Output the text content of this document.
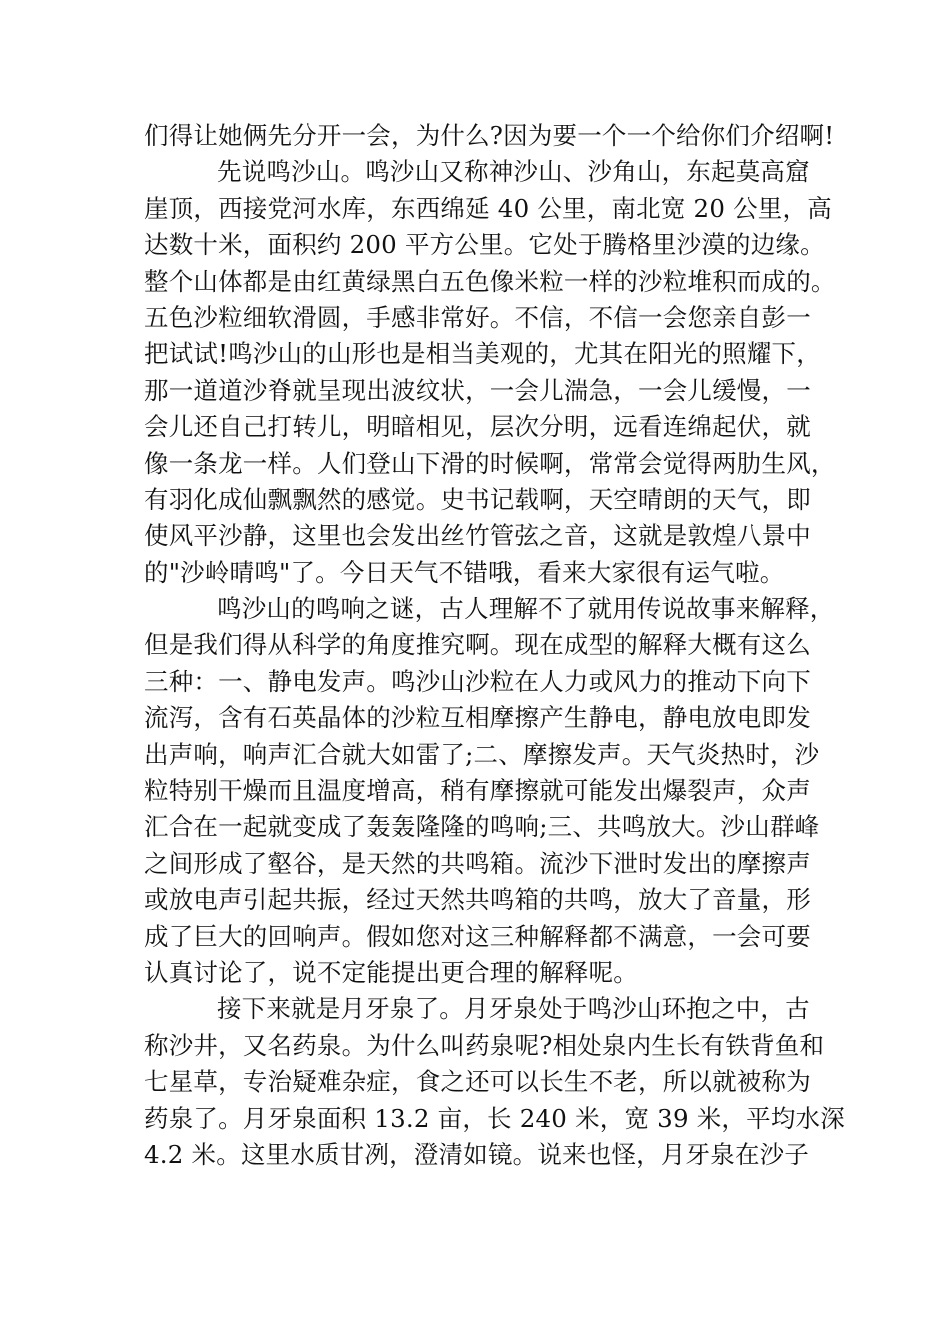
们得让她俩先分开一会，为什么?因为要一个一个给你们介绍啊!
先说鸣沙山。鸣沙山又称神沙山、沙角山，东起莫高窟
崖顶，西接党河水库，东西绵延 40 公里，南北宽 20 公里，高
达数十米，面积约 200 平方公里。它处于腾格里沙漠的边缘。
整个山体都是由红黄绿黑白五色像米粒一样的沙粒堆积而成的。
五色沙粒细软滑圆，手感非常好。不信，不信一会您亲自彭一
把试试!鸣沙山的山形也是相当美观的，尤其在阳光的照耀下，
那一道道沙脊就呈现出波纹状，一会儿湍急，一会儿缓慢，一
会儿还自己打转儿，明暗相见，层次分明，远看连绵起伏，就
像一条龙一样。人们登山下滑的时候啊，常常会觉得两肋生风，
有羽化成仙飘飘然的感觉。史书记载啊，天空晴朗的天气，即
使风平沙静，这里也会发出丝竹管弦之音，这就是敦煌八景中
的"沙岭晴鸣"了。今日天气不错哦，看来大家很有运气啦。
鸣沙山的鸣响之谜，古人理解不了就用传说故事来解释，
但是我们得从科学的角度推究啊。现在成型的解释大概有这么
三种：一、静电发声。鸣沙山沙粒在人力或风力的推动下向下
流泻，含有石英晶体的沙粒互相摩擦产生静电，静电放电即发
出声响，响声汇合就大如雷了;二、摩擦发声。天气炎热时，沙
粒特别干燥而且温度增高，稍有摩擦就可能发出爆裂声，众声
汇合在一起就变成了轰轰隆隆的鸣响;三、共鸣放大。沙山群峰
之间形成了壑谷，是天然的共鸣箱。流沙下泄时发出的摩擦声
或放电声引起共振，经过天然共鸣箱的共鸣，放大了音量，形
成了巨大的回响声。假如您对这三种解释都不满意，一会可要
认真讨论了，说不定能提出更合理的解释呢。
接下来就是月牙泉了。月牙泉处于鸣沙山环抱之中，古
称沙井，又名药泉。为什么叫药泉呢?相处泉内生长有铁背鱼和
七星草，专治疑难杂症，食之还可以长生不老，所以就被称为
药泉了。月牙泉面积 13.2 亩，长 240 米，宽 39 米，平均水深
4.2 米。这里水质甘冽，澄清如镜。说来也怪，月牙泉在沙子
